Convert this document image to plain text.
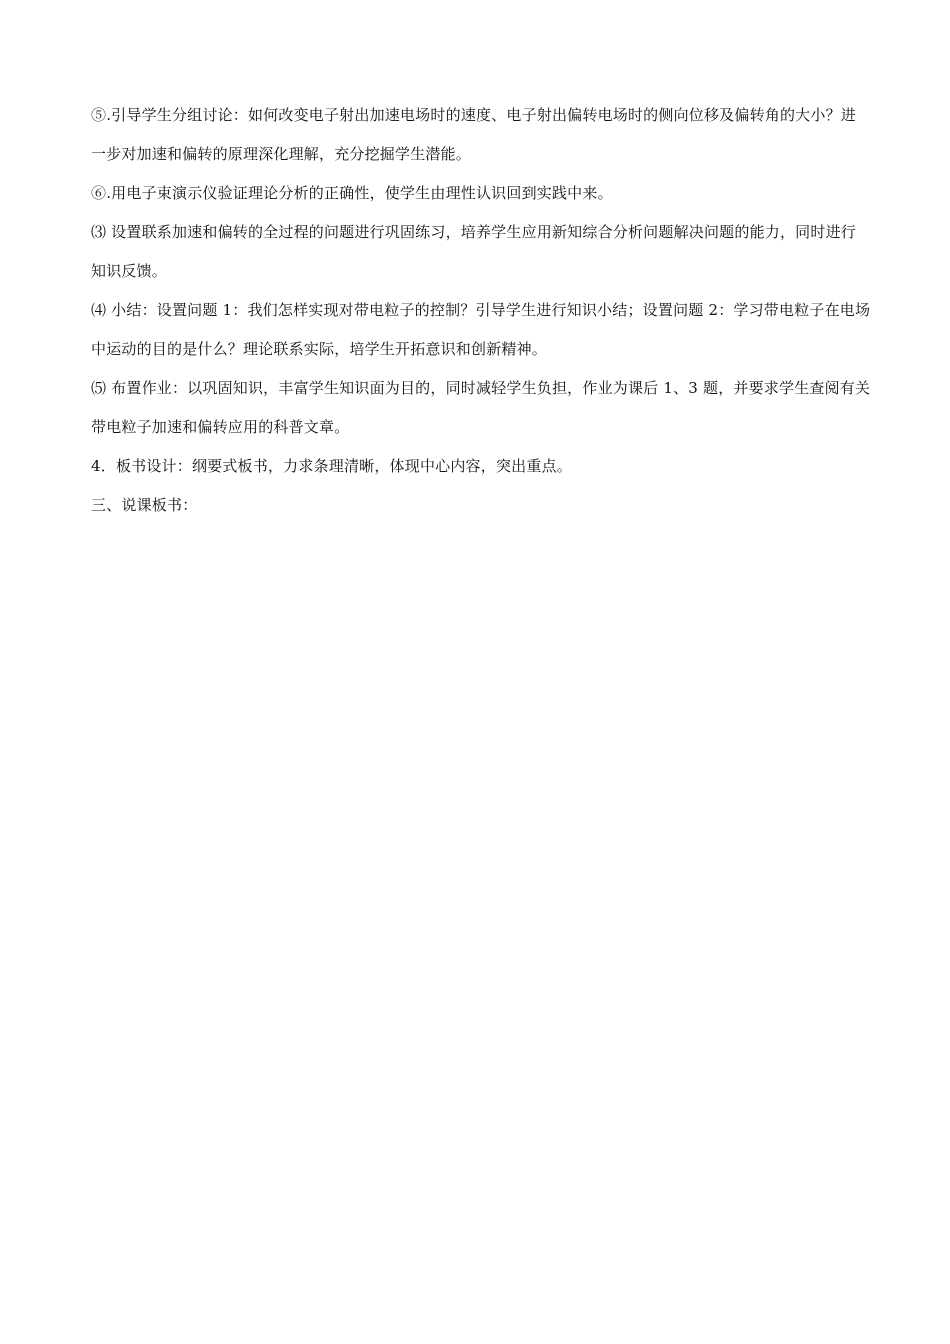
⑤.引导学生分组讨论：如何改变电子射出加速电场时的速度、电子射出偏转电场时的侧向位移及偏转角的大小？进一步对加速和偏转的原理深化理解，充分挖掘学生潜能。

⑥.用电子束演示仪验证理论分析的正确性，使学生由理性认识回到实践中来。

⑶ 设置联系加速和偏转的全过程的问题进行巩固练习，培养学生应用新知综合分析问题解决问题的能力，同时进行知识反馈。

⑷ 小结：设置问题 1：我们怎样实现对带电粒子的控制？引导学生进行知识小结；设置问题 2：学习带电粒子在电场中运动的目的是什么？理论联系实际，培学生开拓意识和创新精神。

⑸ 布置作业：以巩固知识，丰富学生知识面为目的，同时减轻学生负担，作业为课后 1、3 题，并要求学生查阅有关带电粒子加速和偏转应用的科普文章。

4．板书设计：纲要式板书，力求条理清晰，体现中心内容，突出重点。

三、说课板书：
